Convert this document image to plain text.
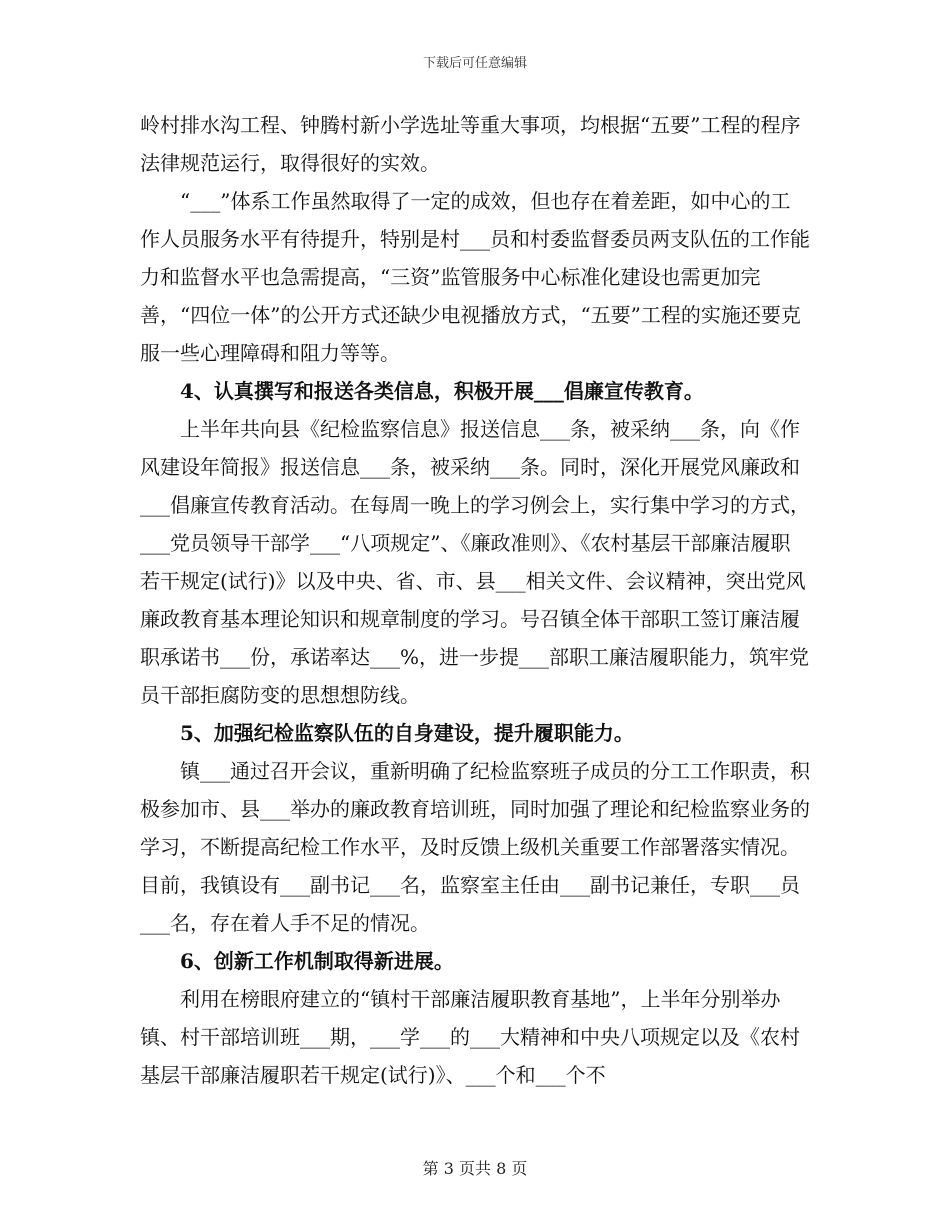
下载后可任意编辑

岭村排水沟工程、钟腾村新小学选址等重大事项，均根据“五要”工程的程序法律规范运行，取得很好的实效。

“___”体系工作虽然取得了一定的成效，但也存在着差距，如中心的工作人员服务水平有待提升，特别是村___员和村委监督委员两支队伍的工作能力和监督水平也急需提高，“三资”监管服务中心标准化建设也需更加完善，“四位一体”的公开方式还缺少电视播放方式，“五要”工程的实施还要克服一些心理障碍和阻力等等。

4、认真撰写和报送各类信息，积极开展___倡廉宣传教育。

上半年共向县《纪检监察信息》报送信息___条，被采纳___条，向《作风建设年简报》报送信息___条，被采纳___条。同时，深化开展党风廉政和___倡廉宣传教育活动。在每周一晚上的学习例会上，实行集中学习的方式，___党员领导干部学___“八项规定”、《廉政准则》、《农村基层干部廉洁履职若干规定(试行)》以及中央、省、市、县___相关文件、会议精神，突出党风廉政教育基本理论知识和规章制度的学习。号召镇全体干部职工签订廉洁履职承诺书___份，承诺率达___%，进一步提___部职工廉洁履职能力，筑牢党员干部拒腐防变的思想想防线。

5、加强纪检监察队伍的自身建设，提升履职能力。

镇___通过召开会议，重新明确了纪检监察班子成员的分工工作职责，积极参加市、县___举办的廉政教育培训班，同时加强了理论和纪检监察业务的学习，不断提高纪检工作水平，及时反馈上级机关重要工作部署落实情况。目前，我镇设有___副书记___名，监察室主任由___副书记兼任，专职___员___名，存在着人手不足的情况。

6、创新工作机制取得新进展。

利用在榜眼府建立的“镇村干部廉洁履职教育基地”，上半年分别举办镇、村干部培训班___期，___学___的___大精神和中央八项规定以及《农村基层干部廉洁履职若干规定(试行)》、___个和___个不

第 3 页共 8 页
